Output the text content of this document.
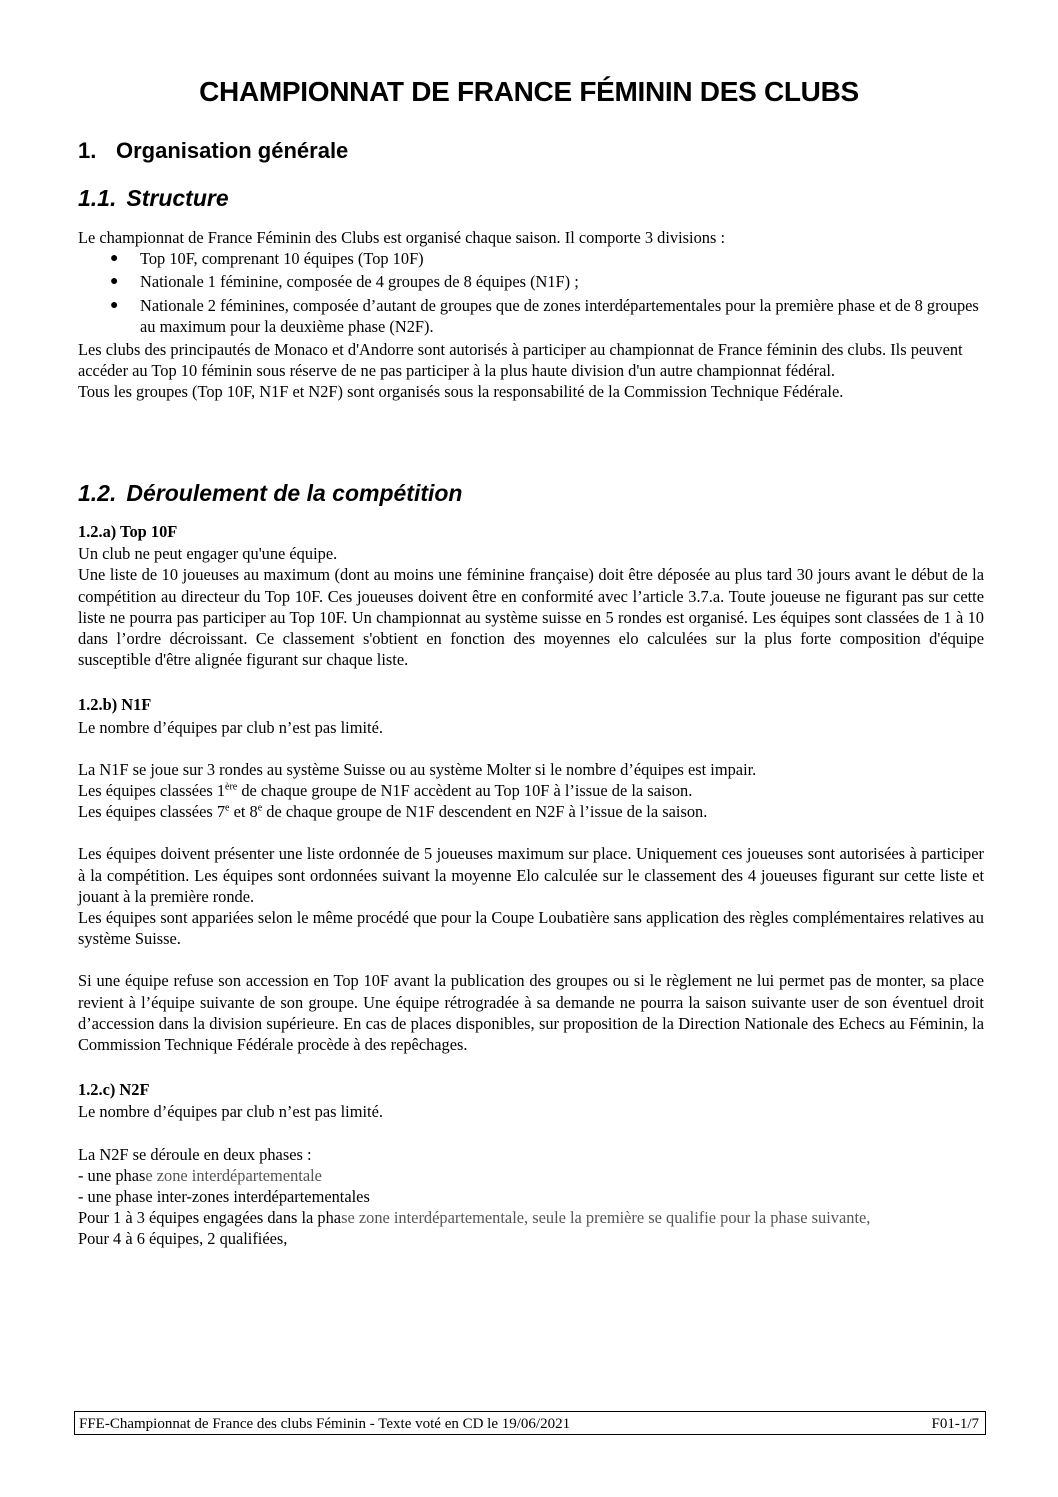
CHAMPIONNAT DE FRANCE FÉMININ DES CLUBS
1. Organisation générale
1.1. Structure

Le championnat de France Féminin des Clubs est organisé chaque saison. Il comporte 3 divisions :

● Top 10F, comprenant 10 équipes (Top 10F)
● Nationale 1 féminine, composée de 4 groupes de 8 équipes (N1F) ;
● Nationale 2 féminines, composée d’autant de groupes que de zones interdépartementales pour la première phase et de 8 groupes au maximum pour la deuxième phase (N2F).

Les clubs des principautés de Monaco et d'Andorre sont autorisés à participer au championnat de France féminin des clubs. Ils peuvent accéder au Top 10 féminin sous réserve de ne pas participer à la plus haute division d'un autre championnat fédéral.

Tous les groupes (Top 10F, N1F et N2F) sont organisés sous la responsabilité de la Commission Technique Fédérale.

1.2. Déroulement de la compétition

1.2.a) Top 10F

Un club ne peut engager qu'une équipe.

Une liste de 10 joueuses au maximum (dont au moins une féminine française) doit être déposée au plus tard 30 jours avant le début de la compétition au directeur du Top 10F. Ces joueuses doivent être en conformité avec l’article 3.7.a. Toute joueuse ne figurant pas sur cette liste ne pourra pas participer au Top 10F. Un championnat au système suisse en 5 rondes est organisé. Les équipes sont classées de 1 à 10 dans l’ordre décroissant. Ce classement s'obtient en fonction des moyennes elo calculées sur la plus forte composition d'équipe susceptible d'être alignée figurant sur chaque liste.

1.2.b) N1F

Le nombre d’équipes par club n’est pas limité.

La N1F se joue sur 3 rondes au système Suisse ou au système Molter si le nombre d’équipes est impair.

Les équipes classées 1ère de chaque groupe de N1F accèdent au Top 10F à l’issue de la saison.

Les équipes classées 7e et 8e de chaque groupe de N1F descendent en N2F à l’issue de la saison.

Les équipes doivent présenter une liste ordonnée de 5 joueuses maximum sur place. Uniquement ces joueuses sont autorisées à participer à la compétition. Les équipes sont ordonnées suivant la moyenne Elo calculée sur le classement des 4 joueuses figurant sur cette liste et jouant à la première ronde.

Les équipes sont appariées selon le même procédé que pour la Coupe Loubatière sans application des règles complémentaires relatives au système Suisse.

Si une équipe refuse son accession en Top 10F avant la publication des groupes ou si le règlement ne lui permet pas de monter, sa place revient à l’équipe suivante de son groupe. Une équipe rétrogradée à sa demande ne pourra la saison suivante user de son éventuel droit d’accession dans la division supérieure. En cas de places disponibles, sur proposition de la Direction Nationale des Echecs au Féminin, la Commission Technique Fédérale procède à des repêchages.

1.2.c) N2F

Le nombre d’équipes par club n’est pas limité.

La N2F se déroule en deux phases :

- une phase zone interdépartementale

- une phase inter-zones interdépartementales

Pour 1 à 3 équipes engagées dans la phase zone interdépartementale, seule la première se qualifie pour la phase suivante,

Pour 4 à 6 équipes, 2 qualifiées,

FFE-Championnat de France des clubs Féminin - Texte voté en CD le 19/06/2021	F01-1/7
